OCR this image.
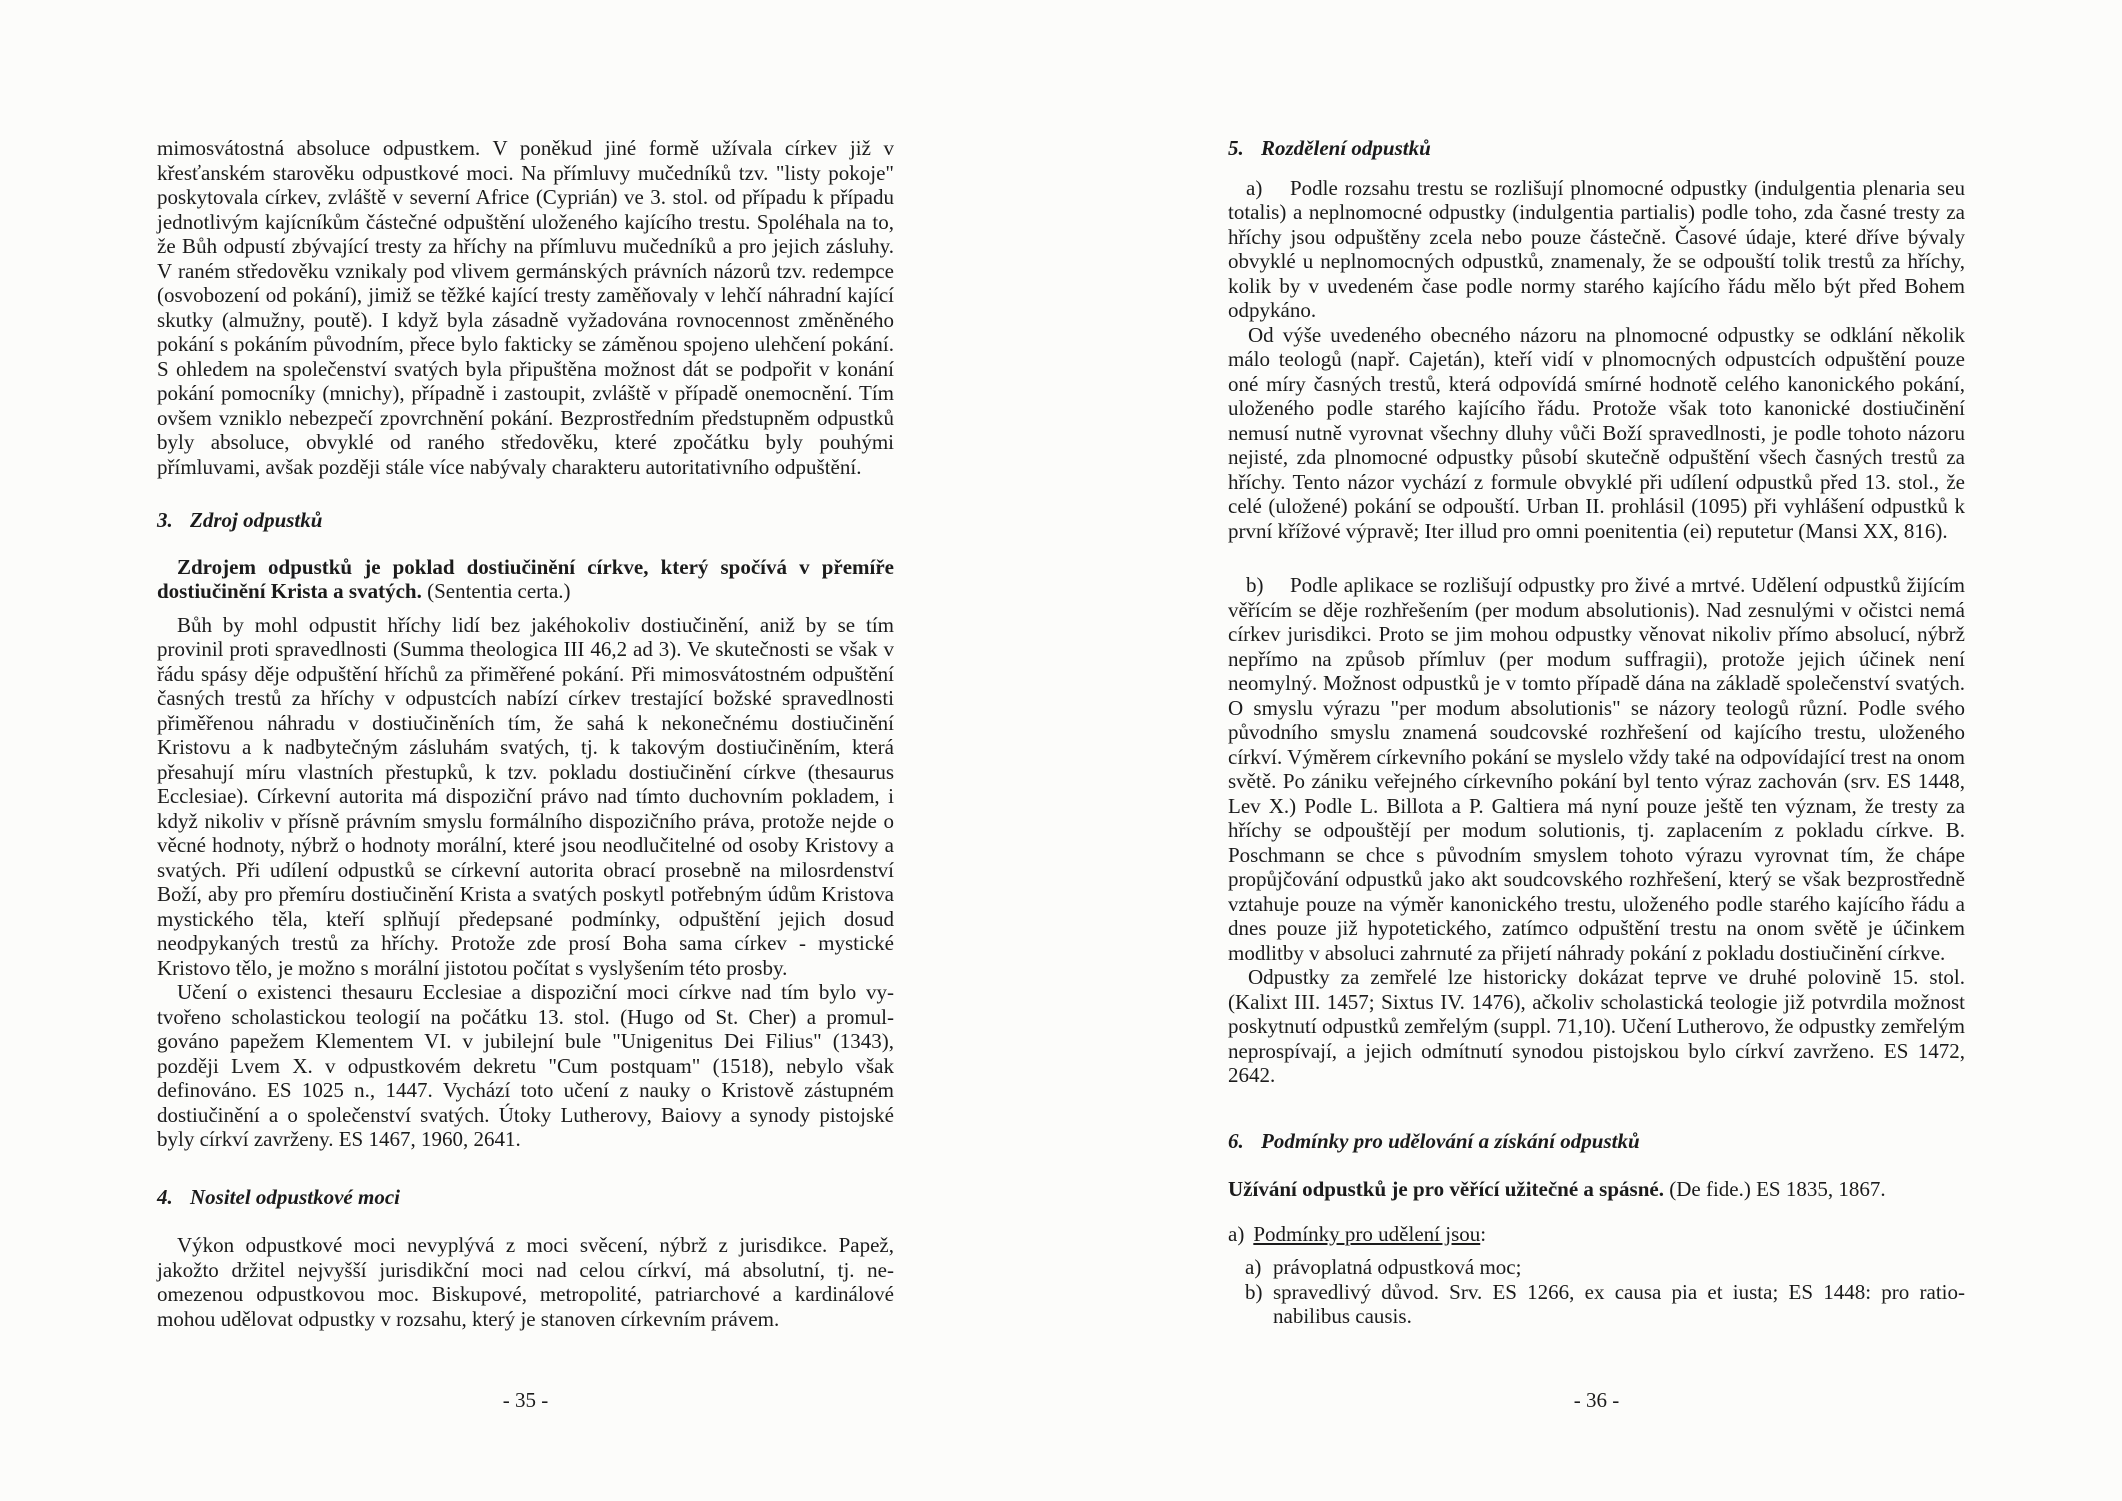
mimosvátostná absoluce odpustkem. V poněkud jiné formě užívala církev již v křesťanském starověku odpustkové moci. Na přímluvy mučedníků tzv. "listy pokoje" poskytovala církev, zvláště v severní Africe (Cyprián) ve 3. stol. od případu k případu jednotlivým kajícníkům částečné odpuštění uloženého kajícího trestu. Spoléhala na to, že Bůh odpustí zbývající tresty za hříchy na přímluvu mučedníků a pro jejich zásluhy. V raném středověku vznikaly pod vlivem germánských právních názorů tzv. redempce (osvobození od pokání), jimiž se těžké kající tresty zaměňovaly v lehčí náhradní kající skutky (almužny, poutě). I když byla zásadně vyžadována rovnocennost změněného pokání s pokáním původním, přece bylo fakticky se záměnou spojeno ulehčení pokání. S ohledem na společenství svatých byla připuštěna možnost dát se podpořit v konání pokání pomocníky (mnichy), případně i zastoupit, zvláště v případě onemocnění. Tím ovšem vzniklo nebezpečí zpovrchnění pokání. Bezprostředním předstupněm odpustků byly absoluce, obvyklé od raného středověku, které zpočátku byly pouhými přímluvami, avšak později stále více nabývaly charakteru autoritativního odpuštění.

3. Zdroj odpustků

Zdrojem odpustků je poklad dostiučinění církve, který spočívá v přemíře dostiučinění Krista a svatých. (Sententia certa.)

Bůh by mohl odpustit hříchy lidí bez jakéhokoliv dostiučinění, aniž by se tím provinil proti spravedlnosti (Summa theologica III 46,2 ad 3). Ve skutečnosti se však v řádu spásy děje odpuštění hříchů za přiměřené pokání. Při mimosvátostném odpuštění časných trestů za hříchy v odpustcích nabízí církev trestající božské spravedlnosti přiměřenou náhradu v dostiučiněních tím, že sahá k nekonečnému dostiučinění Kristovu a k nadbytečným zásluhám svatých, tj. k takovým dostiučiněním, která přesahují míru vlastních přestupků, k tzv. pokladu dostiučinění církve (thesaurus Ecclesiae). Církevní autorita má dispoziční právo nad tímto duchovním pokladem, i když nikoliv v přísně právním smyslu formálního dispozičního práva, protože nejde o věcné hodnoty, nýbrž o hodnoty morální, které jsou neodlučitelné od osoby Kristovy a svatých. Při udílení odpustků se církevní autorita obrací prosebně na milosrdenství Boží, aby pro přemíru dostiučinění Krista a svatých poskytl potřebným údům Kristova mystického těla, kteří splňují předepsané podmínky, odpuštění jejich dosud neodpykaných trestů za hříchy. Protože zde prosí Boha sama církev - mystické Kristovo tělo, je možno s morální jistotou počítat s vyslyšením této prosby.

Učení o existenci thesauru Ecclesiae a dispoziční moci církve nad tím bylo vy-tvořeno scholastickou teologií na počátku 13. stol. (Hugo od St. Cher) a promul-gováno papežem Klementem VI. v jubilejní bule "Unigenitus Dei Filius" (1343), později Lvem X. v odpustkovém dekretu "Cum postquam" (1518), nebylo však definováno. ES 1025 n., 1447. Vychází toto učení z nauky o Kristově zástupném dostiučinění a o společenství svatých. Útoky Lutherovy, Baiovy a synody pistojské byly církví zavrženy. ES 1467, 1960, 2641.

4. Nositel odpustkové moci

Výkon odpustkové moci nevyplývá z moci svěcení, nýbrž z jurisdikce. Papež, jakožto držitel nejvyšší jurisdikční moci nad celou církví, má absolutní, tj. ne-omezenou odpustkovou moc. Biskupové, metropolité, patriarchové a kardinálové mohou udělovat odpustky v rozsahu, který je stanoven církevním právem.

- 35 -

5. Rozdělení odpustků

a) Podle rozsahu trestu se rozlišují plnomocné odpustky (indulgentia plenaria seu totalis) a neplnomocné odpustky (indulgentia partialis) podle toho, zda časné tresty za hříchy jsou odpuštěny zcela nebo pouze částečně. Časové údaje, které dříve bývaly obvyklé u neplnomocných odpustků, znamenaly, že se odpouští tolik trestů za hříchy, kolik by v uvedeném čase podle normy starého kajícího řádu mělo být před Bohem odpykáno.

Od výše uvedeného obecného názoru na plnomocné odpustky se odklání několik málo teologů (např. Cajetán), kteří vidí v plnomocných odpustcích odpuštění pouze oné míry časných trestů, která odpovídá smírné hodnotě celého kanonického pokání, uloženého podle starého kajícího řádu. Protože však toto kanonické dostiučinění nemusí nutně vyrovnat všechny dluhy vůči Boží spravedlnosti, je podle tohoto názoru nejisté, zda plnomocné odpustky působí skutečně odpuštění všech časných trestů za hříchy. Tento názor vychází z formule obvyklé při udílení odpustků před 13. stol., že celé (uložené) pokání se odpouští. Urban II. prohlásil (1095) při vyhlášení odpustků k první křížové výpravě; Iter illud pro omni poenitentia (ei) reputetur (Mansi XX, 816).

b) Podle aplikace se rozlišují odpustky pro živé a mrtvé. Udělení odpustků žijícím věřícím se děje rozhřešením (per modum absolutionis). Nad zesnulými v očistci nemá církev jurisdikci. Proto se jim mohou odpustky věnovat nikoliv přímo absolucí, nýbrž nepřímo na způsob přímluv (per modum suffragii), protože jejich účinek není neomylný. Možnost odpustků je v tomto případě dána na základě společenství svatých. O smyslu výrazu "per modum absolutionis" se názory teologů různí. Podle svého původního smyslu znamená soudcovské rozhřešení od kajícího trestu, uloženého církví. Výměrem církevního pokání se myslelo vždy také na odpovídající trest na onom světě. Po zániku veřejného církevního pokání byl tento výraz zachován (srv. ES 1448, Lev X.) Podle L. Billota a P. Galtiera má nyní pouze ještě ten význam, že tresty za hříchy se odpouštějí per modum solutionis, tj. zaplacením z pokladu církve. B. Poschmann se chce s původním smyslem tohoto výrazu vyrovnat tím, že chápe propůjčování odpustků jako akt soudcovského rozhřešení, který se však bezprostředně vztahuje pouze na výměr kanonického trestu, uloženého podle starého kajícího řádu a dnes pouze již hypotetického, zatímco odpuštění trestu na onom světě je účinkem modlitby v absoluci zahrnuté za přijetí náhrady pokání z pokladu dostiučinění církve.

Odpustky za zemřelé lze historicky dokázat teprve ve druhé polovině 15. stol. (Kalixt III. 1457; Sixtus IV. 1476), ačkoliv scholastická teologie již potvrdila možnost poskytnutí odpustků zemřelým (suppl. 71,10). Učení Lutherovo, že odpustky zemřelým neprospívají, a jejich odmítnutí synodou pistojskou bylo církví zavrženo. ES 1472, 2642.

6. Podmínky pro udělování a získání odpustků

Užívání odpustků je pro věřící užitečné a spásné. (De fide.) ES 1835, 1867.

a) Podmínky pro udělení jsou:

a) právoplatná odpustková moc;

b) spravedlivý důvod. Srv. ES 1266, ex causa pia et iusta; ES 1448: pro ratio-nabilibus causis.

- 36 -
